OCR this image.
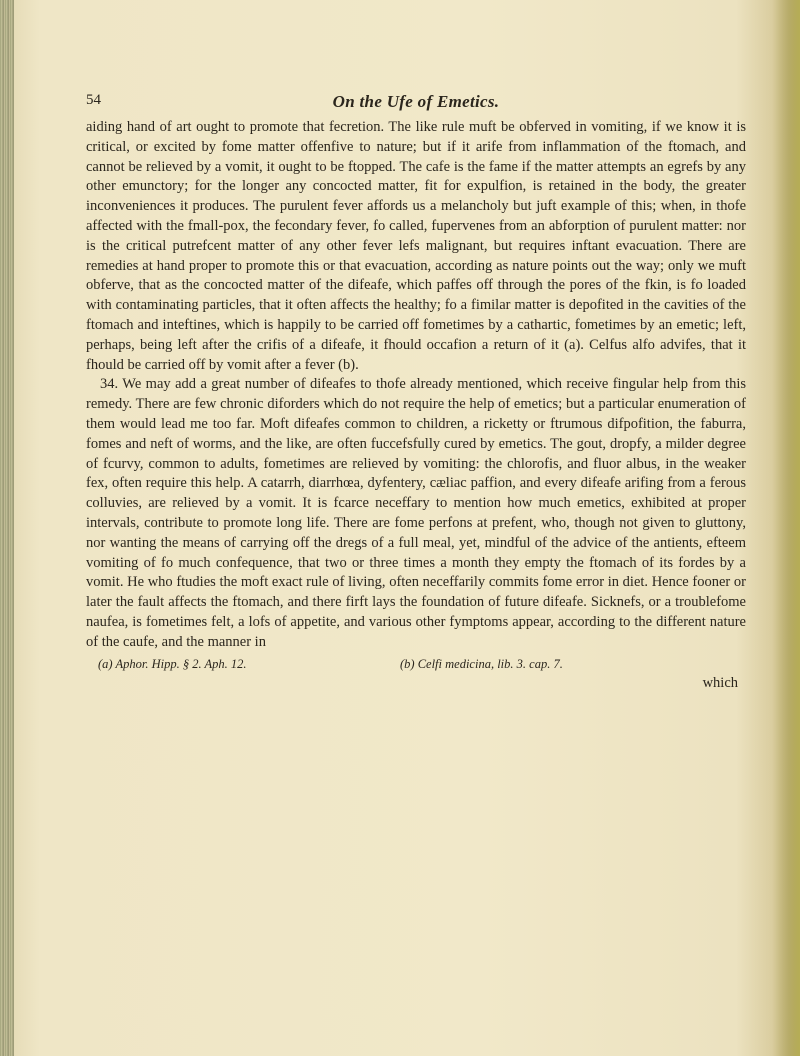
54	On the Ufe of Emetics.

aiding hand of art ought to promote that fecretion. The like rule muft be obferved in vomiting, if we know it is critical, or excited by fome matter offenfive to nature; but if it arife from inflammation of the ftomach, and cannot be relieved by a vomit, it ought to be ftopped. The cafe is the fame if the matter attempts an egrefs by any other emunctory; for the longer any concocted matter, fit for expulfion, is retained in the body, the greater inconveniences it produces. The purulent fever affords us a melancholy but juft example of this; when, in thofe affected with the fmall-pox, the fecondary fever, fo called, fupervenes from an abforption of purulent matter: nor is the critical putrefcent matter of any other fever lefs malignant, but requires inftant evacuation. There are remedies at hand proper to promote this or that evacuation, according as nature points out the way; only we muft obferve, that as the concocted matter of the difeafe, which paffes off through the pores of the fkin, is fo loaded with contaminating particles, that it often affects the healthy; fo a fimilar matter is depofited in the cavities of the ftomach and inteftines, which is happily to be carried off fometimes by a cathartic, fometimes by an emetic; left, perhaps, being left after the crifis of a difeafe, it fhould occafion a return of it (a). Celfus alfo advifes, that it fhould be carried off by vomit after a fever (b).

34. We may add a great number of difeafes to thofe already mentioned, which receive fingular help from this remedy. There are few chronic diforders which do not require the help of emetics; but a particular enumeration of them would lead me too far. Moft difeafes common to children, a ricketty or ftrumous difpofition, the faburra, fomes and neft of worms, and the like, are often fuccefsfully cured by emetics. The gout, dropfy, a milder degree of fcurvy, common to adults, fometimes are relieved by vomiting: the chlorofis, and fluor albus, in the weaker fex, often require this help. A catarrh, diarrhœa, dyfentery, cæliac paffion, and every difeafe arifing from a ferous colluvies, are relieved by a vomit. It is fcarce neceffary to mention how much emetics, exhibited at proper intervals, contribute to promote long life. There are fome perfons at prefent, who, though not given to gluttony, nor wanting the means of carrying off the dregs of a full meal, yet, mindful of the advice of the antients, efteem vomiting of fo much confequence, that two or three times a month they empty the ftomach of its fordes by a vomit. He who ftudies the moft exact rule of living, often neceffarily commits fome error in diet. Hence fooner or later the fault affects the ftomach, and there firft lays the foundation of future difeafe. Sicknefs, or a troublefome naufea, is fometimes felt, a lofs of appetite, and various other fymptoms appear, according to the different nature of the caufe, and the manner in

(a) Aphor. Hipp. § 2. Aph. 12.	(b) Celfi medicina, lib. 3. cap. 7.
which
